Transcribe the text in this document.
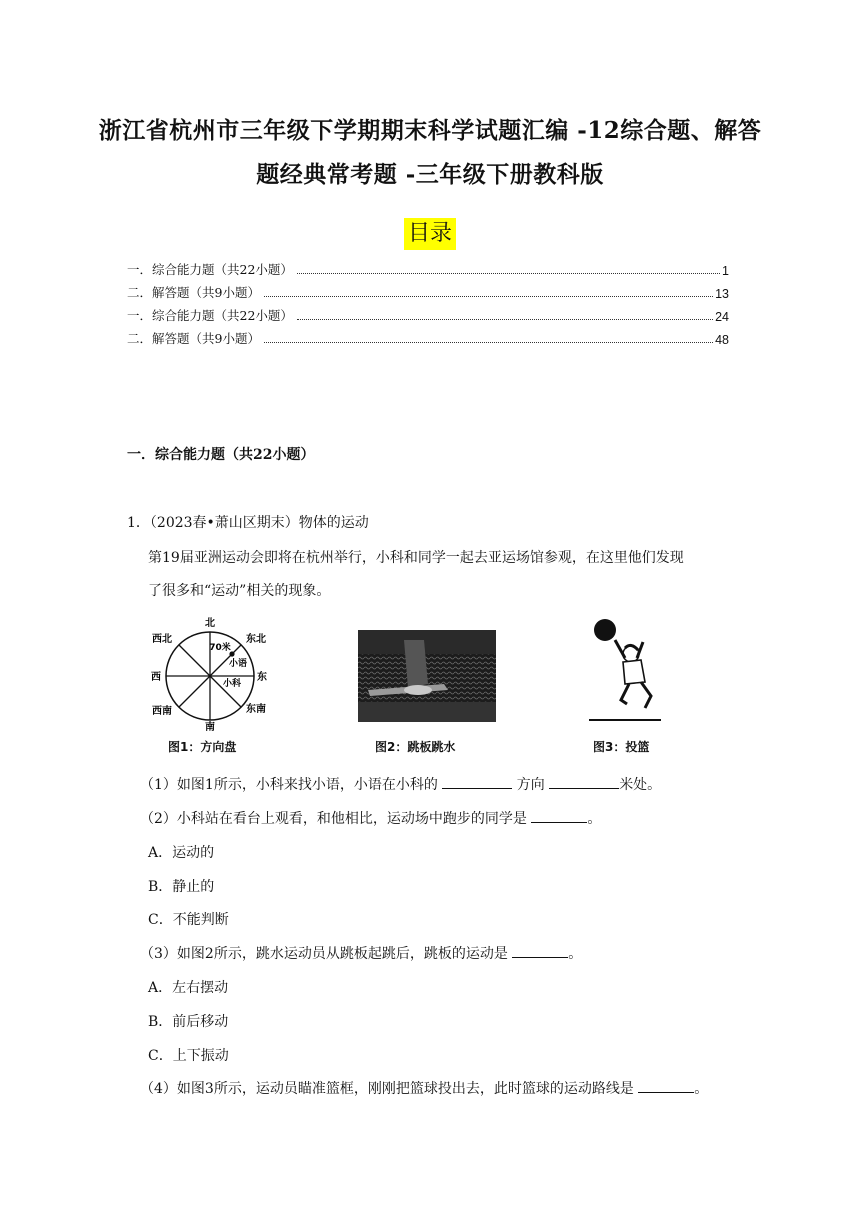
浙江省杭州市三年级下学期期末科学试题汇编 -12综合题、解答
题经典常考题 -三年级下册教科版
目录
一．综合能力题（共22小题）	1
二．解答题（共9小题）	13
一．综合能力题（共22小题）	24
二．解答题（共9小题）	48
一．综合能力题（共22小题）
1．（2023春•萧山区期末）物体的运动
第19届亚洲运动会即将在杭州举行，小科和同学一起去亚运场馆参观，在这里他们发现
了很多和“运动”相关的现象。
北
南
东
西
西北	东北
西南	东南
70米
小语
小科
图1：方向盘	图2：跳板跳水	图3：投篮
（1）如图1所示，小科来找小语，小语在小科的	方向	米处。
（2）小科站在看台上观看，和他相比，运动场中跑步的同学是	。
A．运动的
B．静止的
C．不能判断
（3）如图2所示，跳水运动员从跳板起跳后，跳板的运动是	。
A．左右摆动
B．前后移动
C．上下振动
（4）如图3所示，运动员瞄准篮框，刚刚把篮球投出去，此时篮球的运动路线是	。
